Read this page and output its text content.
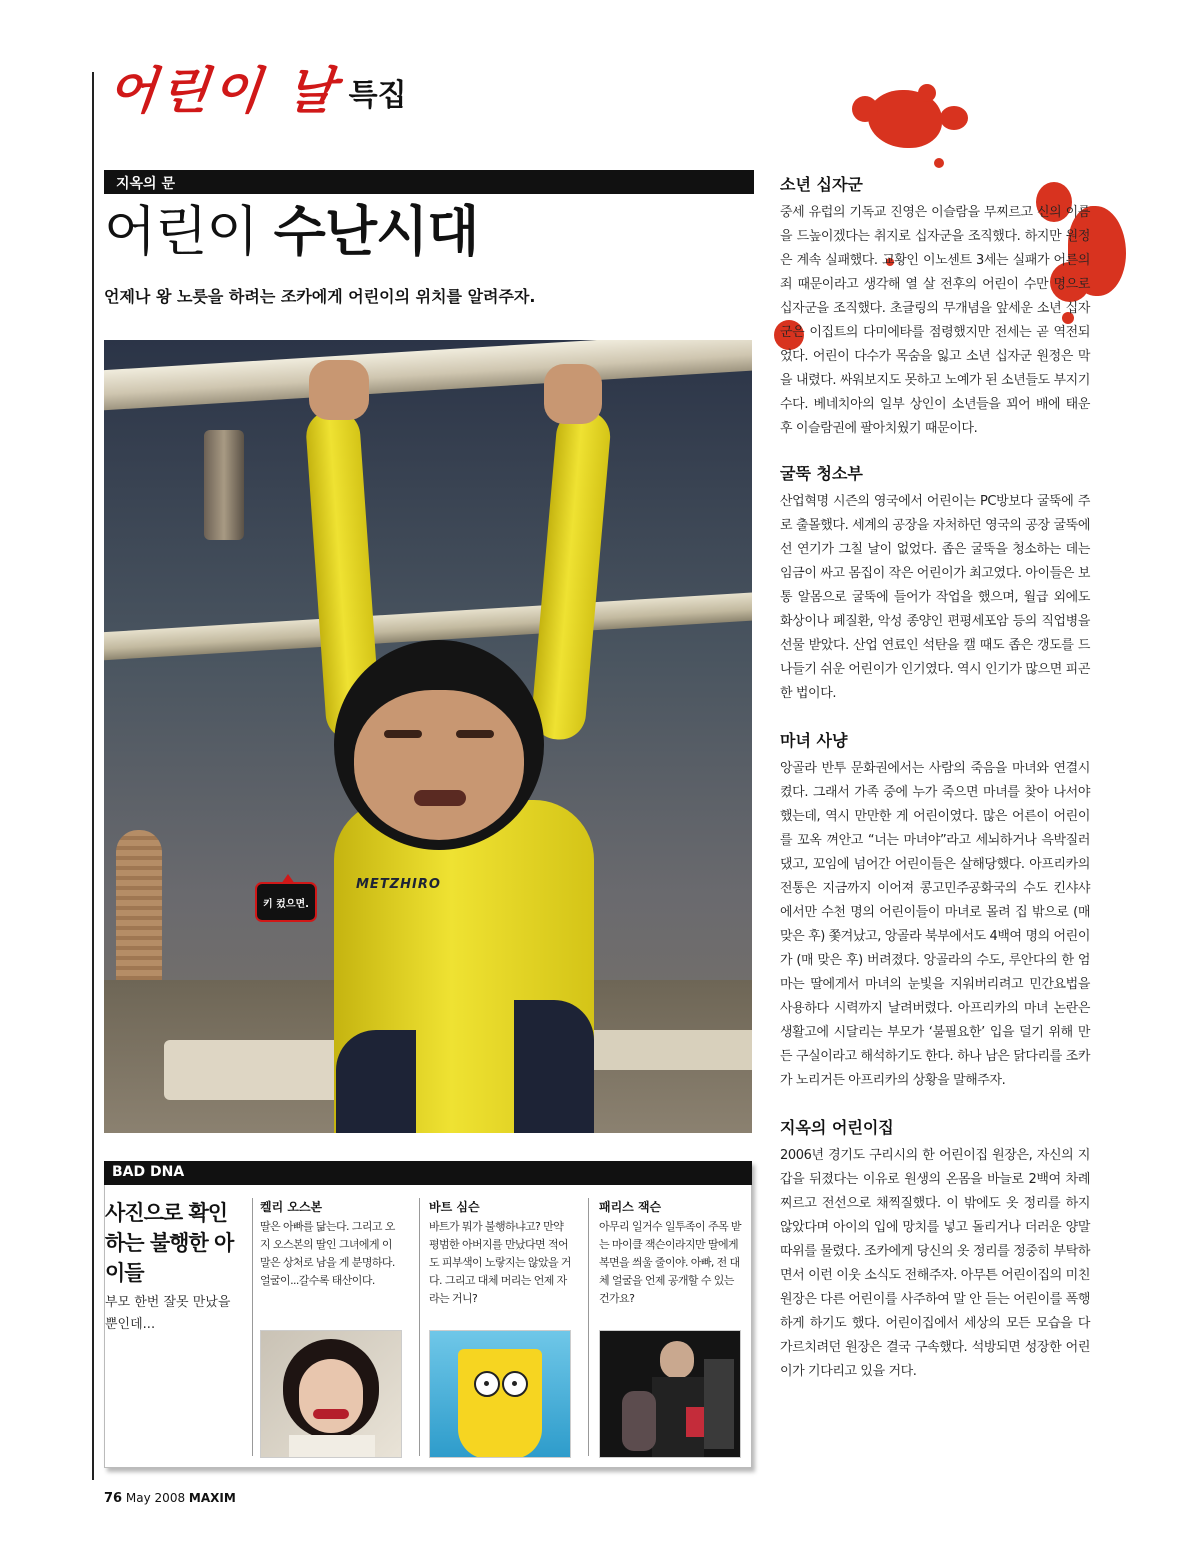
어린이 날 특집
지옥의 문
어린이 수난시대
언제나 왕 노릇을 하려는 조카에게 어린이의 위치를 알려주자.
METZHIRO
키 컸으면.
소년 십자군
중세 유럽의 기독교 진영은 이슬람을 무찌르고 신의 이름을 드높이겠다는 취지로 십자군을 조직했다. 하지만 원정은 계속 실패했다. 교황인 이노센트 3세는 실패가 어른의 죄 때문이라고 생각해 열 살 전후의 어린이 수만 명으로 십자군을 조직했다. 초글링의 무개념을 앞세운 소년 십자군은 이집트의 다미에타를 점령했지만 전세는 곧 역전되었다. 어린이 다수가 목숨을 잃고 소년 십자군 원정은 막을 내렸다. 싸워보지도 못하고 노예가 된 소년들도 부지기수다. 베네치아의 일부 상인이 소년들을 꾀어 배에 태운 후 이슬람권에 팔아치웠기 때문이다.
굴뚝 청소부
산업혁명 시즌의 영국에서 어린이는 PC방보다 굴뚝에 주로 출몰했다. 세계의 공장을 자처하던 영국의 공장 굴뚝에선 연기가 그칠 날이 없었다. 좁은 굴뚝을 청소하는 데는 임금이 싸고 몸집이 작은 어린이가 최고였다. 아이들은 보통 알몸으로 굴뚝에 들어가 작업을 했으며, 월급 외에도 화상이나 폐질환, 악성 종양인 편평세포암 등의 직업병을 선물 받았다. 산업 연료인 석탄을 캘 때도 좁은 갱도를 드나들기 쉬운 어린이가 인기였다. 역시 인기가 많으면 피곤한 법이다.
마녀 사냥
앙골라 반투 문화권에서는 사람의 죽음을 마녀와 연결시켰다. 그래서 가족 중에 누가 죽으면 마녀를 찾아 나서야 했는데, 역시 만만한 게 어린이였다. 많은 어른이 어린이를 꼬옥 껴안고 “너는 마녀야”라고 세뇌하거나 윽박질러댔고, 꼬임에 넘어간 어린이들은 살해당했다. 아프리카의 전통은 지금까지 이어져 콩고민주공화국의 수도 킨샤샤에서만 수천 명의 어린이들이 마녀로 몰려 집 밖으로 (매 맞은 후) 쫓겨났고, 앙골라 북부에서도 4백여 명의 어린이가 (매 맞은 후) 버려졌다. 앙골라의 수도, 루안다의 한 엄마는 딸에게서 마녀의 눈빛을 지워버리려고 민간요법을 사용하다 시력까지 날려버렸다. 아프리카의 마녀 논란은 생활고에 시달리는 부모가 ‘불필요한’ 입을 덜기 위해 만든 구실이라고 해석하기도 한다. 하나 남은 닭다리를 조카가 노리거든 아프리카의 상황을 말해주자.
지옥의 어린이집
2006년 경기도 구리시의 한 어린이집 원장은, 자신의 지갑을 뒤졌다는 이유로 원생의 온몸을 바늘로 2백여 차례 찌르고 전선으로 채찍질했다. 이 밖에도 옷 정리를 하지 않았다며 아이의 입에 망치를 넣고 돌리거나 더러운 양말 따위를 물렸다. 조카에게 당신의 옷 정리를 정중히 부탁하면서 이런 이웃 소식도 전해주자. 아무튼 어린이집의 미친 원장은 다른 어린이를 사주하여 말 안 듣는 어린이를 폭행하게 하기도 했다. 어린이집에서 세상의 모든 모습을 다 가르치려던 원장은 결국 구속했다. 석방되면 성장한 어린이가 기다리고 있을 거다.
BAD DNA
사진으로 확인하는 불행한 아이들
부모 한번 잘못 만났을 뿐인데...
켈리 오스본
딸은 아빠를 닮는다. 그리고 오지 오스본의 딸인 그녀에게 이 말은 상처로 남을 게 분명하다. 얼굴이...갈수록 태산이다.
바트 심슨
바트가 뭐가 불행하냐고? 만약 평범한 아버지를 만났다면 적어도 피부색이 노랗지는 않았을 거다. 그리고 대체 머리는 언제 자라는 거니?
패리스 잭슨
아무리 일거수 일투족이 주목 받는 마이클 잭슨이라지만 딸에게 복면을 씌울 줄이야. 아빠, 전 대체 얼굴을 언제 공개할 수 있는 건가요?
76 May 2008 MAXIM
